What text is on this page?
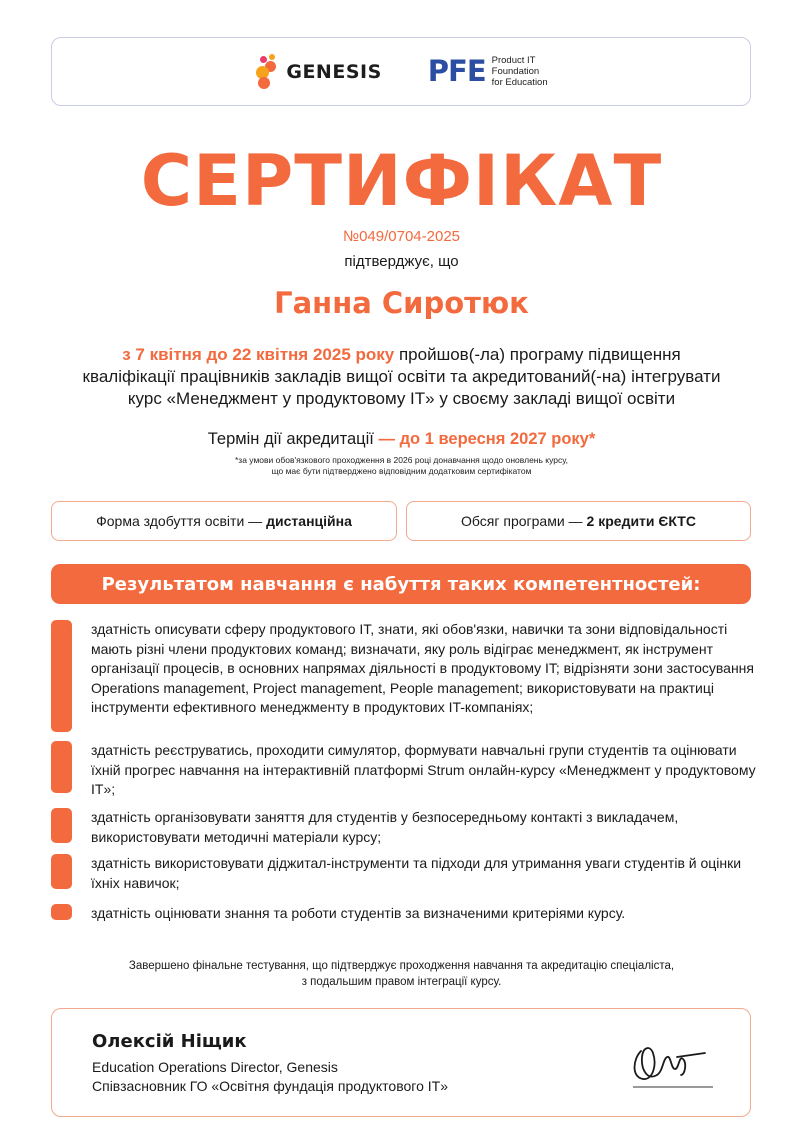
GENESIS PFE Product IT
Foundation
for Education
СЕРТИФІКАТ
№049/0704-2025
підтверджує, що
Ганна Сиротюк
з 7 квітня до 22 квітня 2025 року пройшов(-ла) програму підвищення
кваліфікації працівників закладів вищої освіти та акредитований(-на) інтегрувати
курс «Менеджмент у продуктовому IT» у своєму закладі вищої освіти
Термін дії акредитації — до 1 вересня 2027 року*
*за умови обов'язкового проходження в 2026 році донавчання щодо оновлень курсу,
що має бути підтверджено відповідним додатковим сертифікатом
Форма здобуття освіти — дистанційна	Обсяг програми — 2 кредити ЄКТС
Результатом навчання є набуття таких компетентностей:
здатність описувати сферу продуктового IT, знати, які обов'язки, навички та зони відповідальності мають різні члени продуктових команд; визначати, яку роль відіграє менеджмент, як інструмент організації процесів, в основних напрямах діяльності в продуктовому IT; відрізняти зони застосування Operations management, Project management, People management; використовувати на практиці інструменти ефективного менеджменту в продуктових IT-компаніях;
здатність реєструватись, проходити симулятор, формувати навчальні групи студентів та оцінювати їхній прогрес навчання на інтерактивній платформі Strum онлайн-курсу «Менеджмент у продуктовому IT»;
здатність організовувати заняття для студентів у безпосередньому контакті з викладачем, використовувати методичні матеріали курсу;
здатність використовувати діджитал-інструменти та підходи для утримання уваги студентів й оцінки їхніх навичок;
здатність оцінювати знання та роботи студентів за визначеними критеріями курсу.
Завершено фінальне тестування, що підтверджує проходження навчання та акредитацію спеціаліста,
з подальшим правом інтеграції курсу.
Олексій Ніщик
Education Operations Director, Genesis
Співзасновник ГО «Освітня фундація продуктового IT»
